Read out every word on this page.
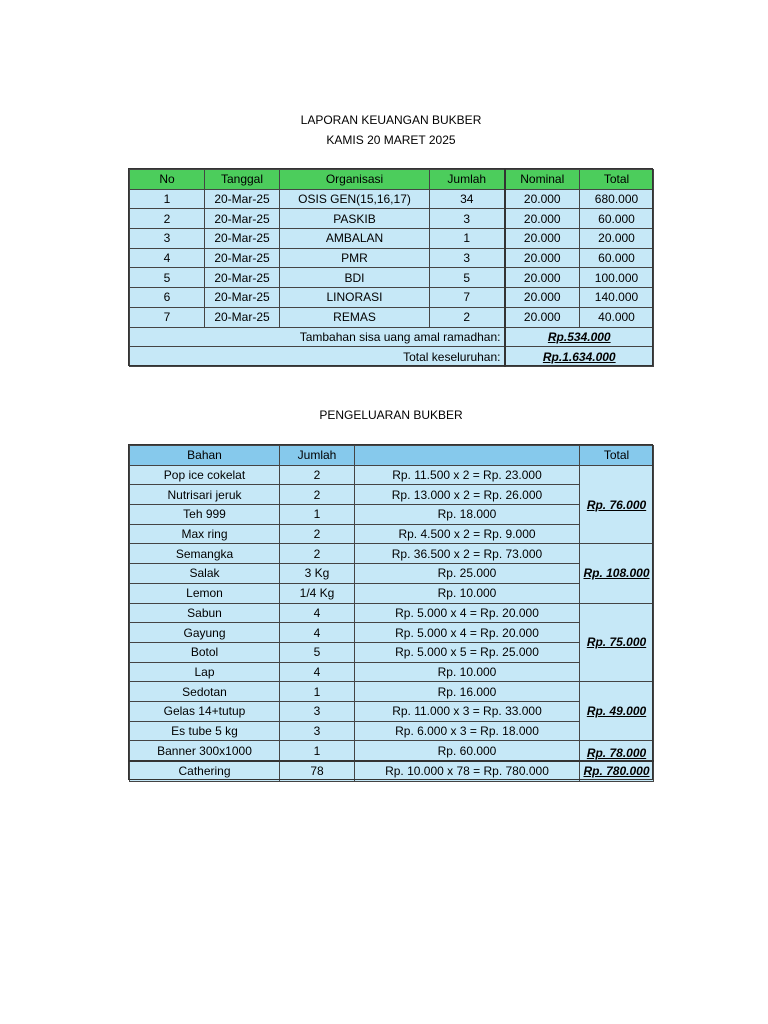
LAPORAN KEUANGAN BUKBER
KAMIS 20 MARET 2025
No	Tanggal	Organisasi	Jumlah	Nominal	Total
1	20-Mar-25	OSIS GEN(15,16,17)	34	20.000	680.000
2	20-Mar-25	PASKIB	3	20.000	60.000
3	20-Mar-25	AMBALAN	1	20.000	20.000
4	20-Mar-25	PMR	3	20.000	60.000
5	20-Mar-25	BDI	5	20.000	100.000
6	20-Mar-25	LINORASI	7	20.000	140.000
7	20-Mar-25	REMAS	2	20.000	40.000
Tambahan sisa uang amal ramadhan:				Rp.534.000	
Total keseluruhan:				Rp.1.634.000	
PENGELUARAN BUKBER
Bahan	Jumlah		Total
Pop ice cokelat	2	Rp. 11.500 x 2 = Rp. 23.000	Rp. 76.000
Nutrisari jeruk	2	Rp. 13.000 x 2 = Rp. 26.000	
Teh 999	1	Rp. 18.000	
Max ring	2	Rp. 4.500 x 2 = Rp. 9.000	
Semangka	2	Rp. 36.500 x 2 = Rp. 73.000	Rp. 108.000
Salak	3 Kg	Rp. 25.000	
Lemon	1/4 Kg	Rp. 10.000	
Sabun	4	Rp. 5.000 x 4 = Rp. 20.000	Rp. 75.000
Gayung	4	Rp. 5.000 x 4 = Rp. 20.000	
Botol	5	Rp. 5.000 x 5 = Rp. 25.000	
Lap	4	Rp. 10.000	
Sedotan	1	Rp. 16.000	Rp. 49.000
Gelas 14+tutup	3	Rp. 11.000 x 3 = Rp. 33.000	
Es tube 5 kg	3	Rp. 6.000 x 3 = Rp. 18.000	
Banner 300x1000	1	Rp. 60.000	Rp. 78.000
Cathering	78	Rp. 10.000 x 78 = Rp. 780.000	Rp. 780.000
